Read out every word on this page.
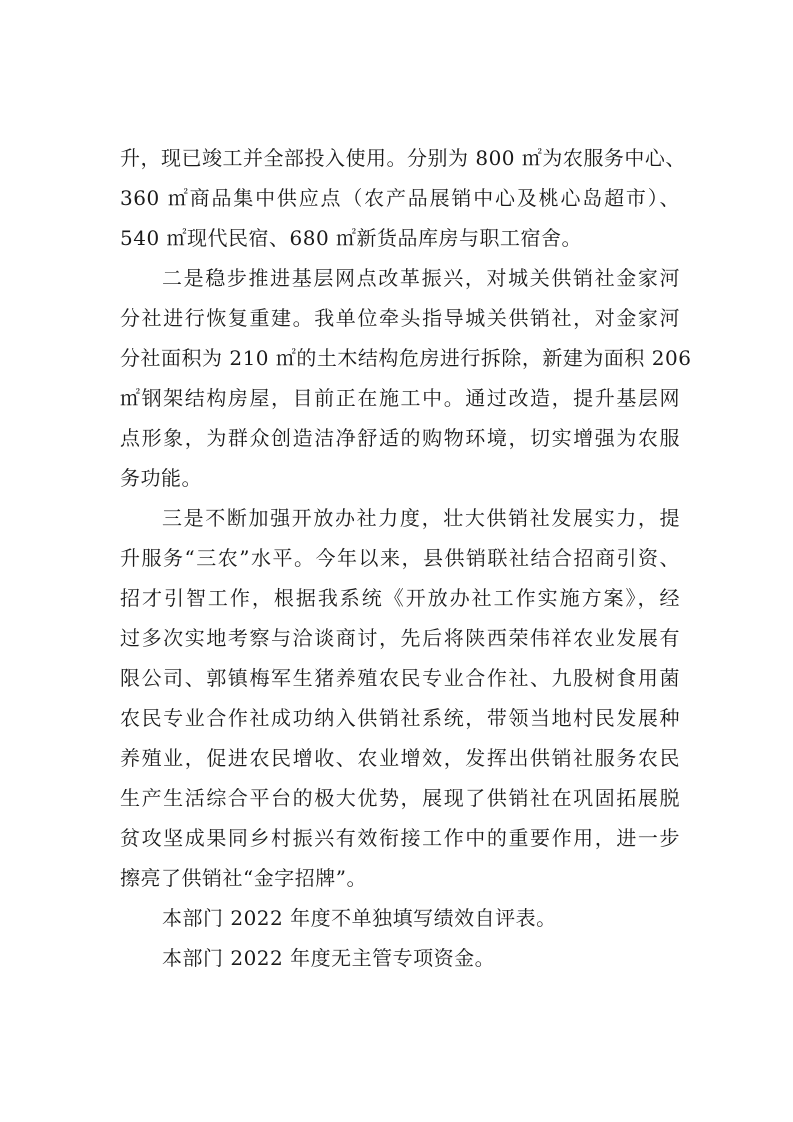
升，现已竣工并全部投入使用。分别为 800 ㎡为农服务中心、
360 ㎡商品集中供应点（农产品展销中心及桃心岛超市）、
540 ㎡现代民宿、680 ㎡新货品库房与职工宿舍。
二是稳步推进基层网点改革振兴，对城关供销社金家河
分社进行恢复重建。我单位牵头指导城关供销社，对金家河
分社面积为 210 ㎡的土木结构危房进行拆除，新建为面积 206
㎡钢架结构房屋，目前正在施工中。通过改造，提升基层网
点形象，为群众创造洁净舒适的购物环境，切实增强为农服
务功能。
三是不断加强开放办社力度，壮大供销社发展实力，提
升服务“三农”水平。今年以来，县供销联社结合招商引资、
招才引智工作，根据我系统《开放办社工作实施方案》，经
过多次实地考察与洽谈商讨，先后将陕西荣伟祥农业发展有
限公司、郭镇梅军生猪养殖农民专业合作社、九股树食用菌
农民专业合作社成功纳入供销社系统，带领当地村民发展种
养殖业，促进农民增收、农业增效，发挥出供销社服务农民
生产生活综合平台的极大优势，展现了供销社在巩固拓展脱
贫攻坚成果同乡村振兴有效衔接工作中的重要作用，进一步
擦亮了供销社“金字招牌”。
本部门 2022 年度不单独填写绩效自评表。
本部门 2022 年度无主管专项资金。
